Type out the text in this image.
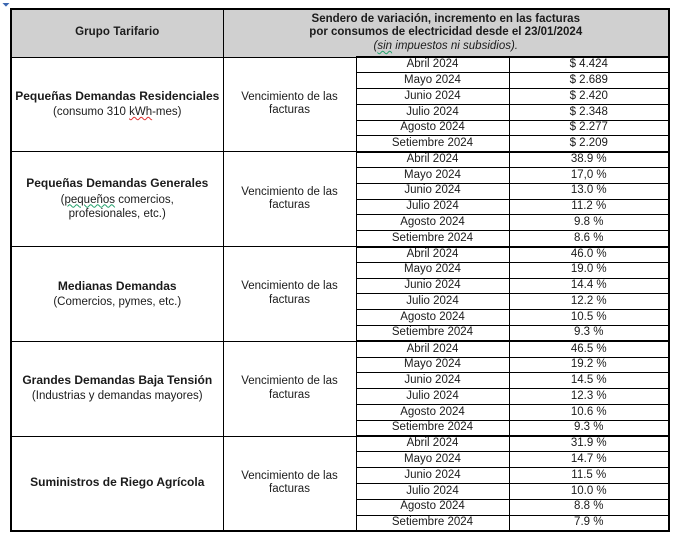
⏷
Grupo Tarifario	Sendero de variación, incremento en las facturas
por consumos de electricidad desde el 23/01/2024
(sin impuestos ni subsidios).		

Pequeñas Demandas Residenciales
(consumo 310 kWh-mes)

Vencimiento de las
facturas
	Abril 2024	$ 4.424
		Mayo 2024	$ 2.689
		Junio 2024	$ 2.420
		Julio 2024	$ 2.348
		Agosto 2024	$ 2.277
		Setiembre 2024	$ 2.209

Pequeñas Demandas Generales
(pequeños comercios,
profesionales, etc.)

Vencimiento de las
facturas
	Abril 2024	38.9 %
		Mayo 2024	17,0 %
		Junio 2024	13.0 %
		Julio 2024	11.2 %
		Agosto 2024	9.8 %
		Setiembre 2024	8.6 %

Medianas Demandas
(Comercios, pymes, etc.)

Vencimiento de las
facturas
	Abril 2024	46.0 %
		Mayo 2024	19.0 %
		Junio 2024	14.4 %
		Julio 2024	12.2 %
		Agosto 2024	10.5 %
		Setiembre 2024	9.3 %

Grandes Demandas Baja Tensión
(Industrias y demandas mayores)

Vencimiento de las
facturas
	Abril 2024	46.5 %
		Mayo 2024	19.2 %
		Junio 2024	14.5 %
		Julio 2024	12.3 %
		Agosto 2024	10.6 %
		Setiembre 2024	9.3 %

Suministros de Riego Agrícola	Vencimiento de las
facturas	Abril 2024	31.9 %
		Mayo 2024	14.7 %
		Junio 2024	11.5 %
		Julio 2024	10.0 %
		Agosto 2024	8.8 %
		Setiembre 2024	7.9 %
